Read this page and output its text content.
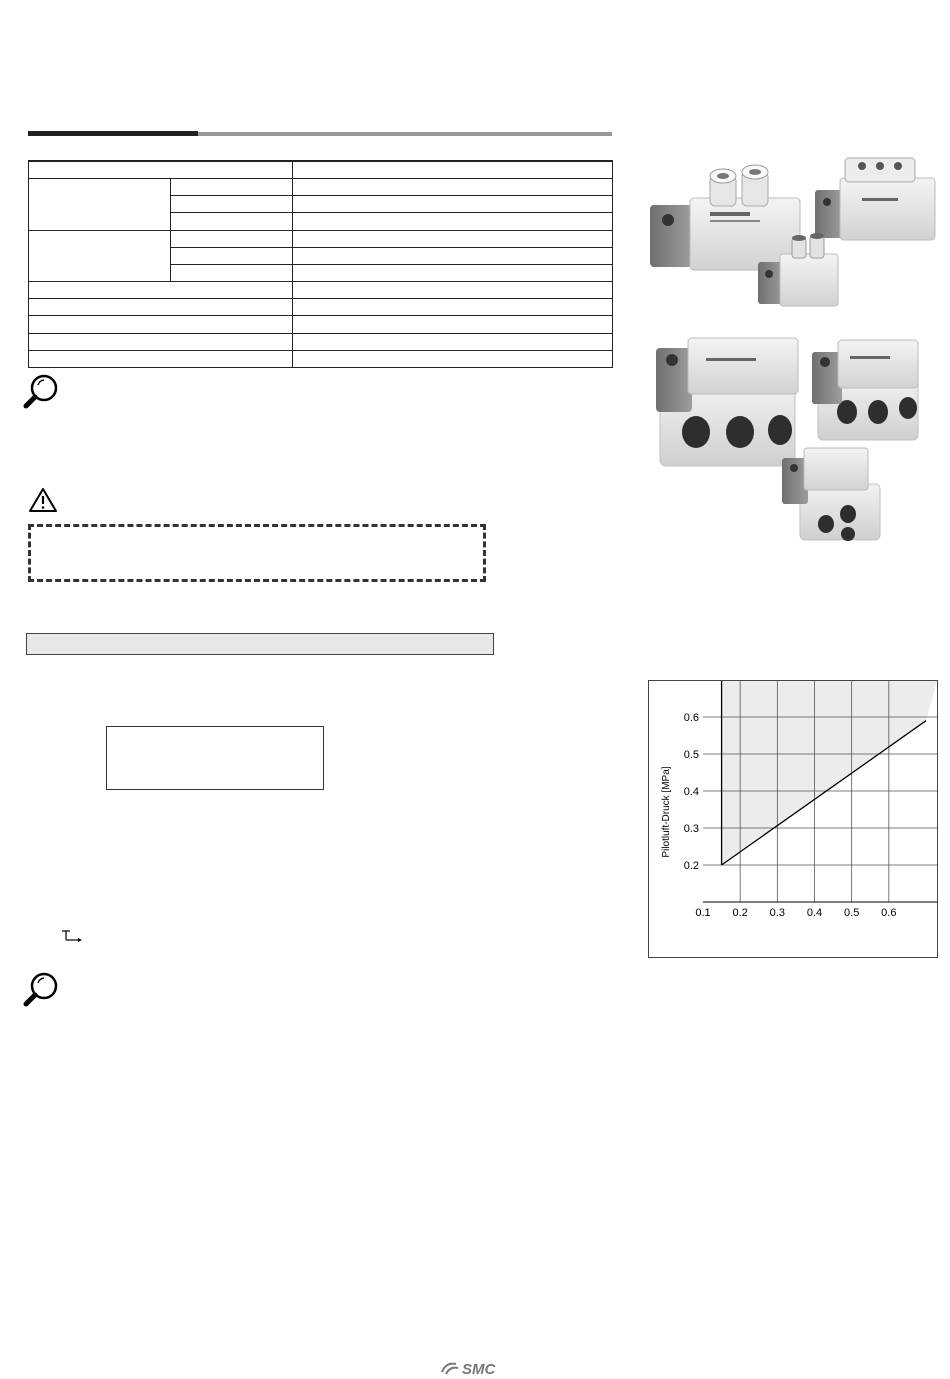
0.2
0.3
0.4
0.5
0.6
0.1 0.2 0.3 0.4 0.5 0.6
Pilotluft-Druck [MPa]
SMC
